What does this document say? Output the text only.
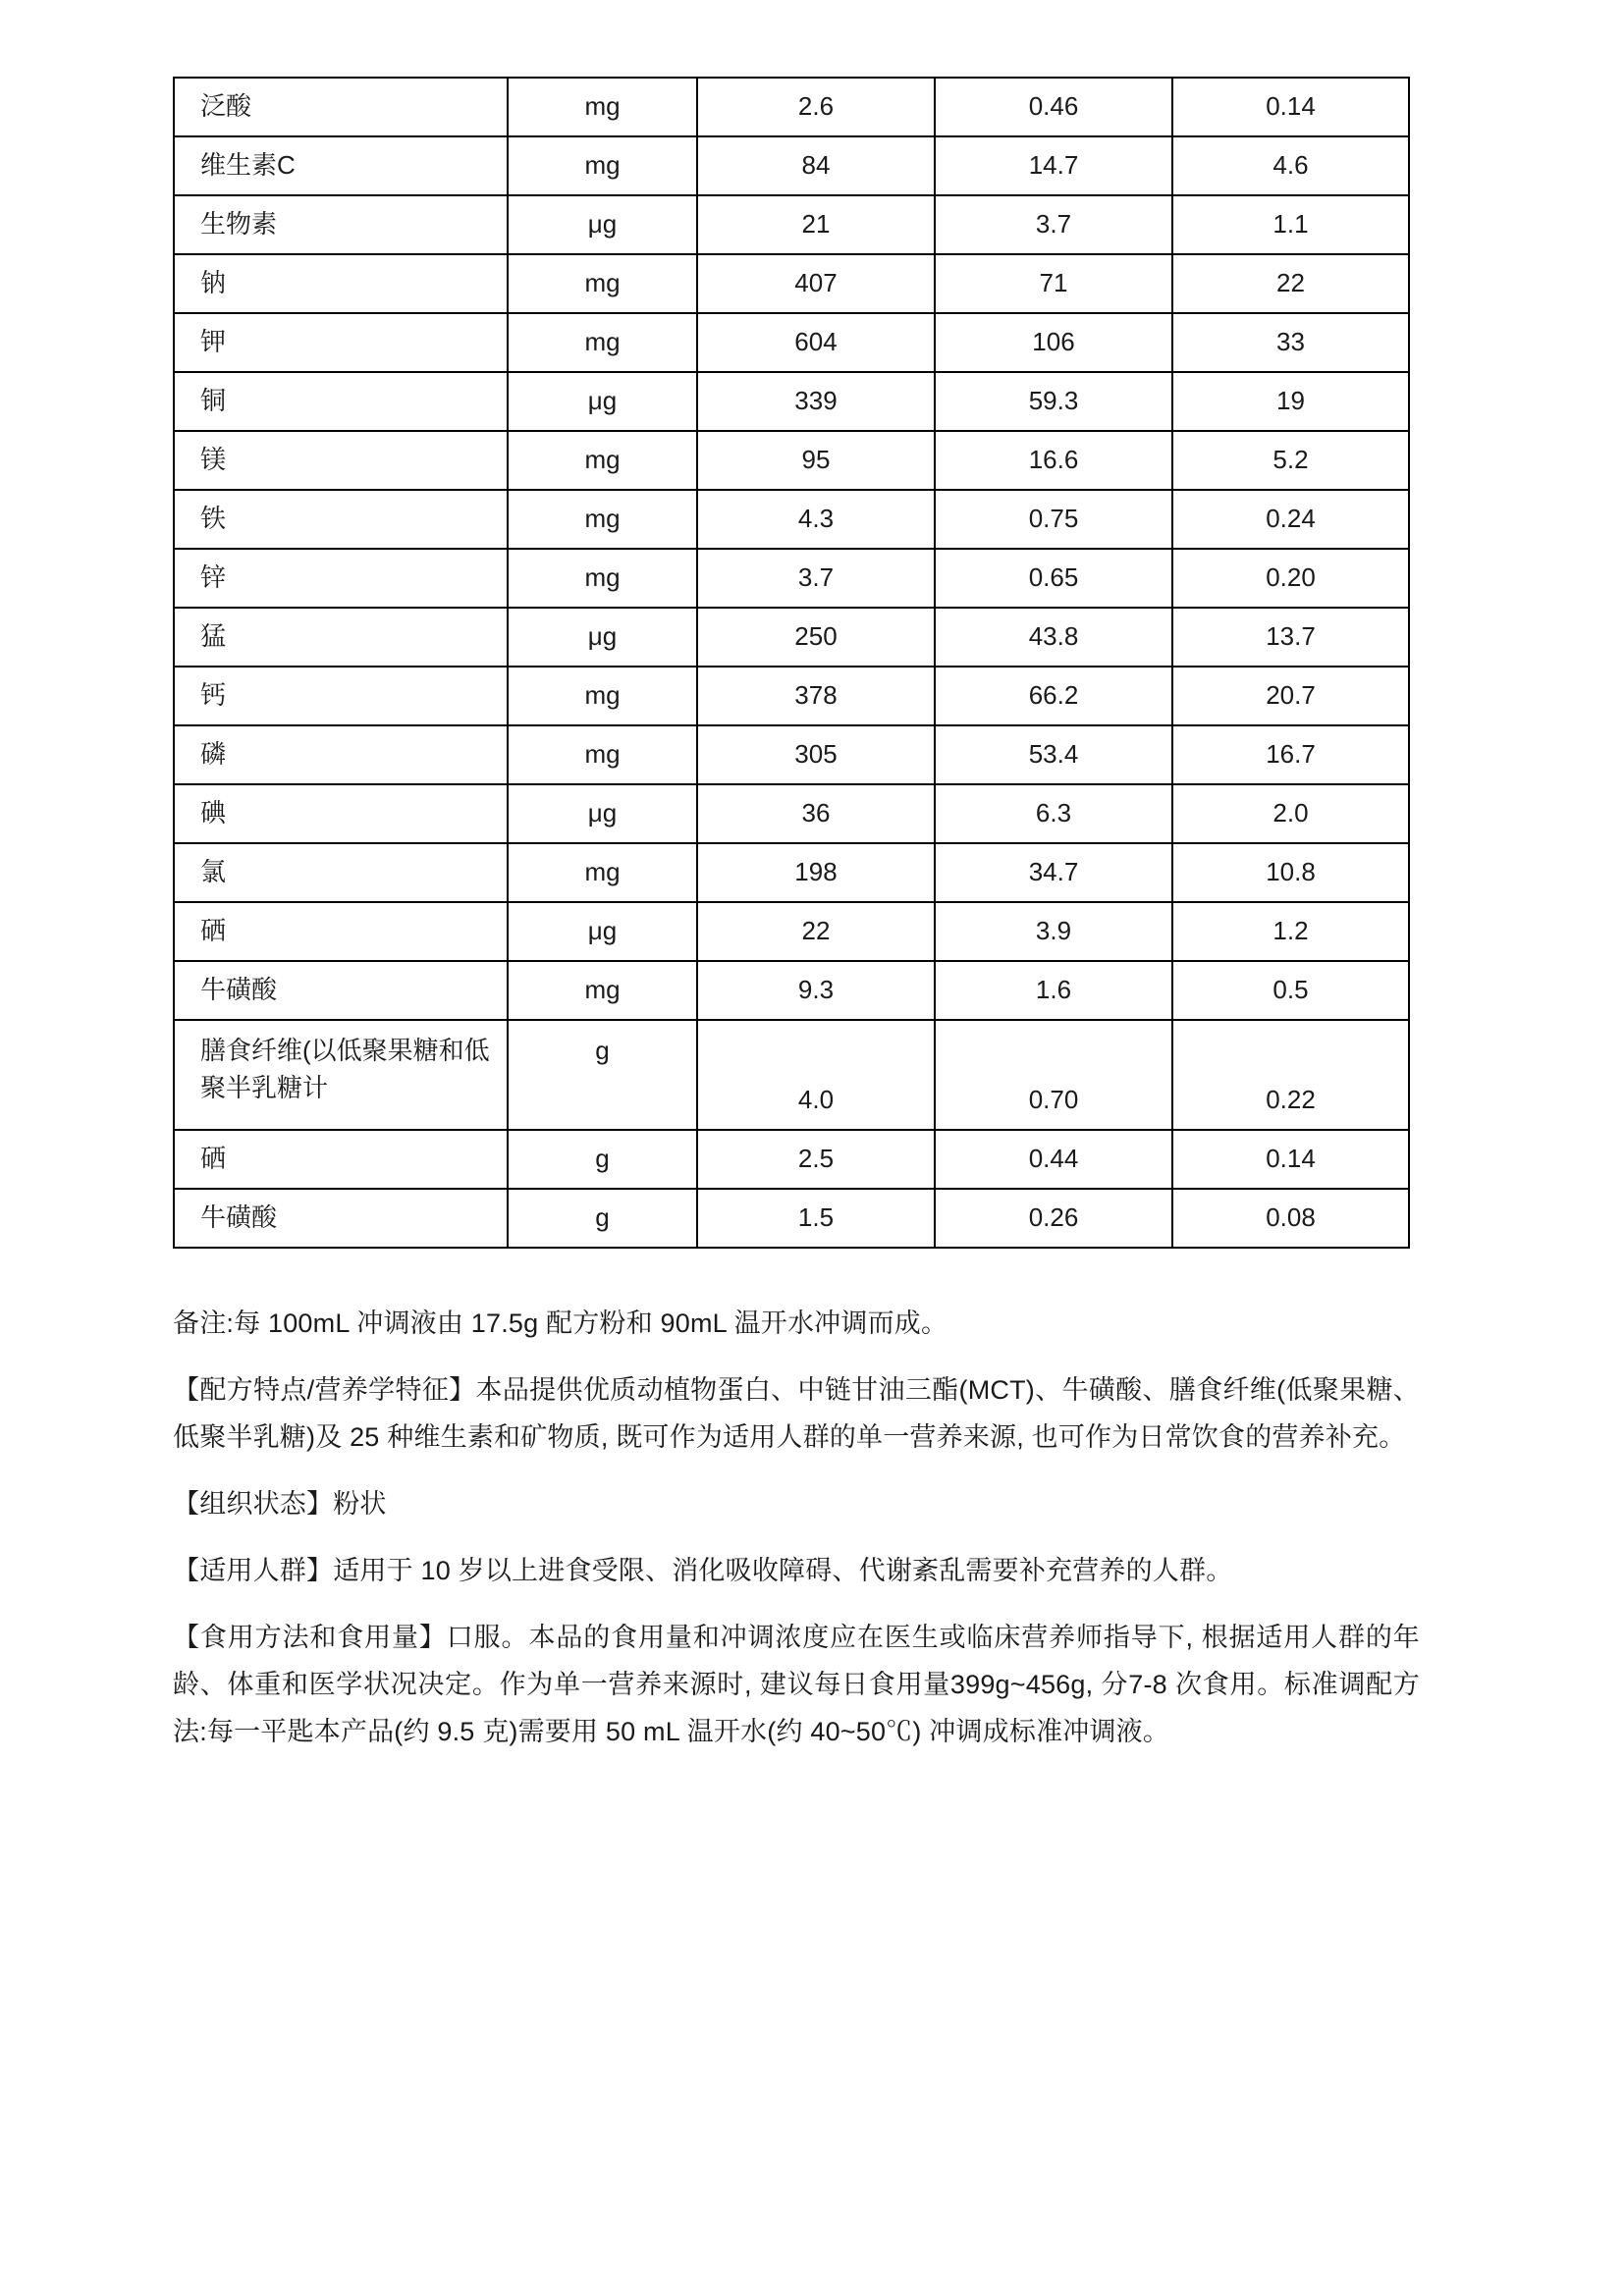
泛酸	mg	2.6	0.46	0.14
维生素C	mg	84	14.7	4.6
生物素	μg	21	3.7	1.1
钠	mg	407	71	22
钾	mg	604	106	33
铜	μg	339	59.3	19
镁	mg	95	16.6	5.2
铁	mg	4.3	0.75	0.24
锌	mg	3.7	0.65	0.20
猛	μg	250	43.8	13.7
钙	mg	378	66.2	20.7
磷	mg	305	53.4	16.7
碘	μg	36	6.3	2.0
氯	mg	198	34.7	10.8
硒	μg	22	3.9	1.2
牛磺酸	mg	9.3	1.6	0.5
膳食纤维(以低聚果糖和低聚半乳糖计	g	4.0	0.70	0.22
硒	g	2.5	0.44	0.14
牛磺酸	g	1.5	0.26	0.08

备注:每 100mL 冲调液由 17.5g 配方粉和 90mL 温开水冲调而成。

【配方特点/营养学特征】本品提供优质动植物蛋白、中链甘油三酯(MCT)、牛磺酸、膳食纤维(低聚果糖、低聚半乳糖)及 25 种维生素和矿物质, 既可作为适用人群的单一营养来源, 也可作为日常饮食的营养补充。

【组织状态】粉状

【适用人群】适用于 10 岁以上进食受限、消化吸收障碍、代谢紊乱需要补充营养的人群。

【食用方法和食用量】口服。本品的食用量和冲调浓度应在医生或临床营养师指导下, 根据适用人群的年龄、体重和医学状况决定。作为单一营养来源时, 建议每日食用量399g~456g, 分7-8 次食用。标准调配方法:每一平匙本产品(约 9.5 克)需要用 50 mL 温开水(约 40~50℃) 冲调成标准冲调液。
